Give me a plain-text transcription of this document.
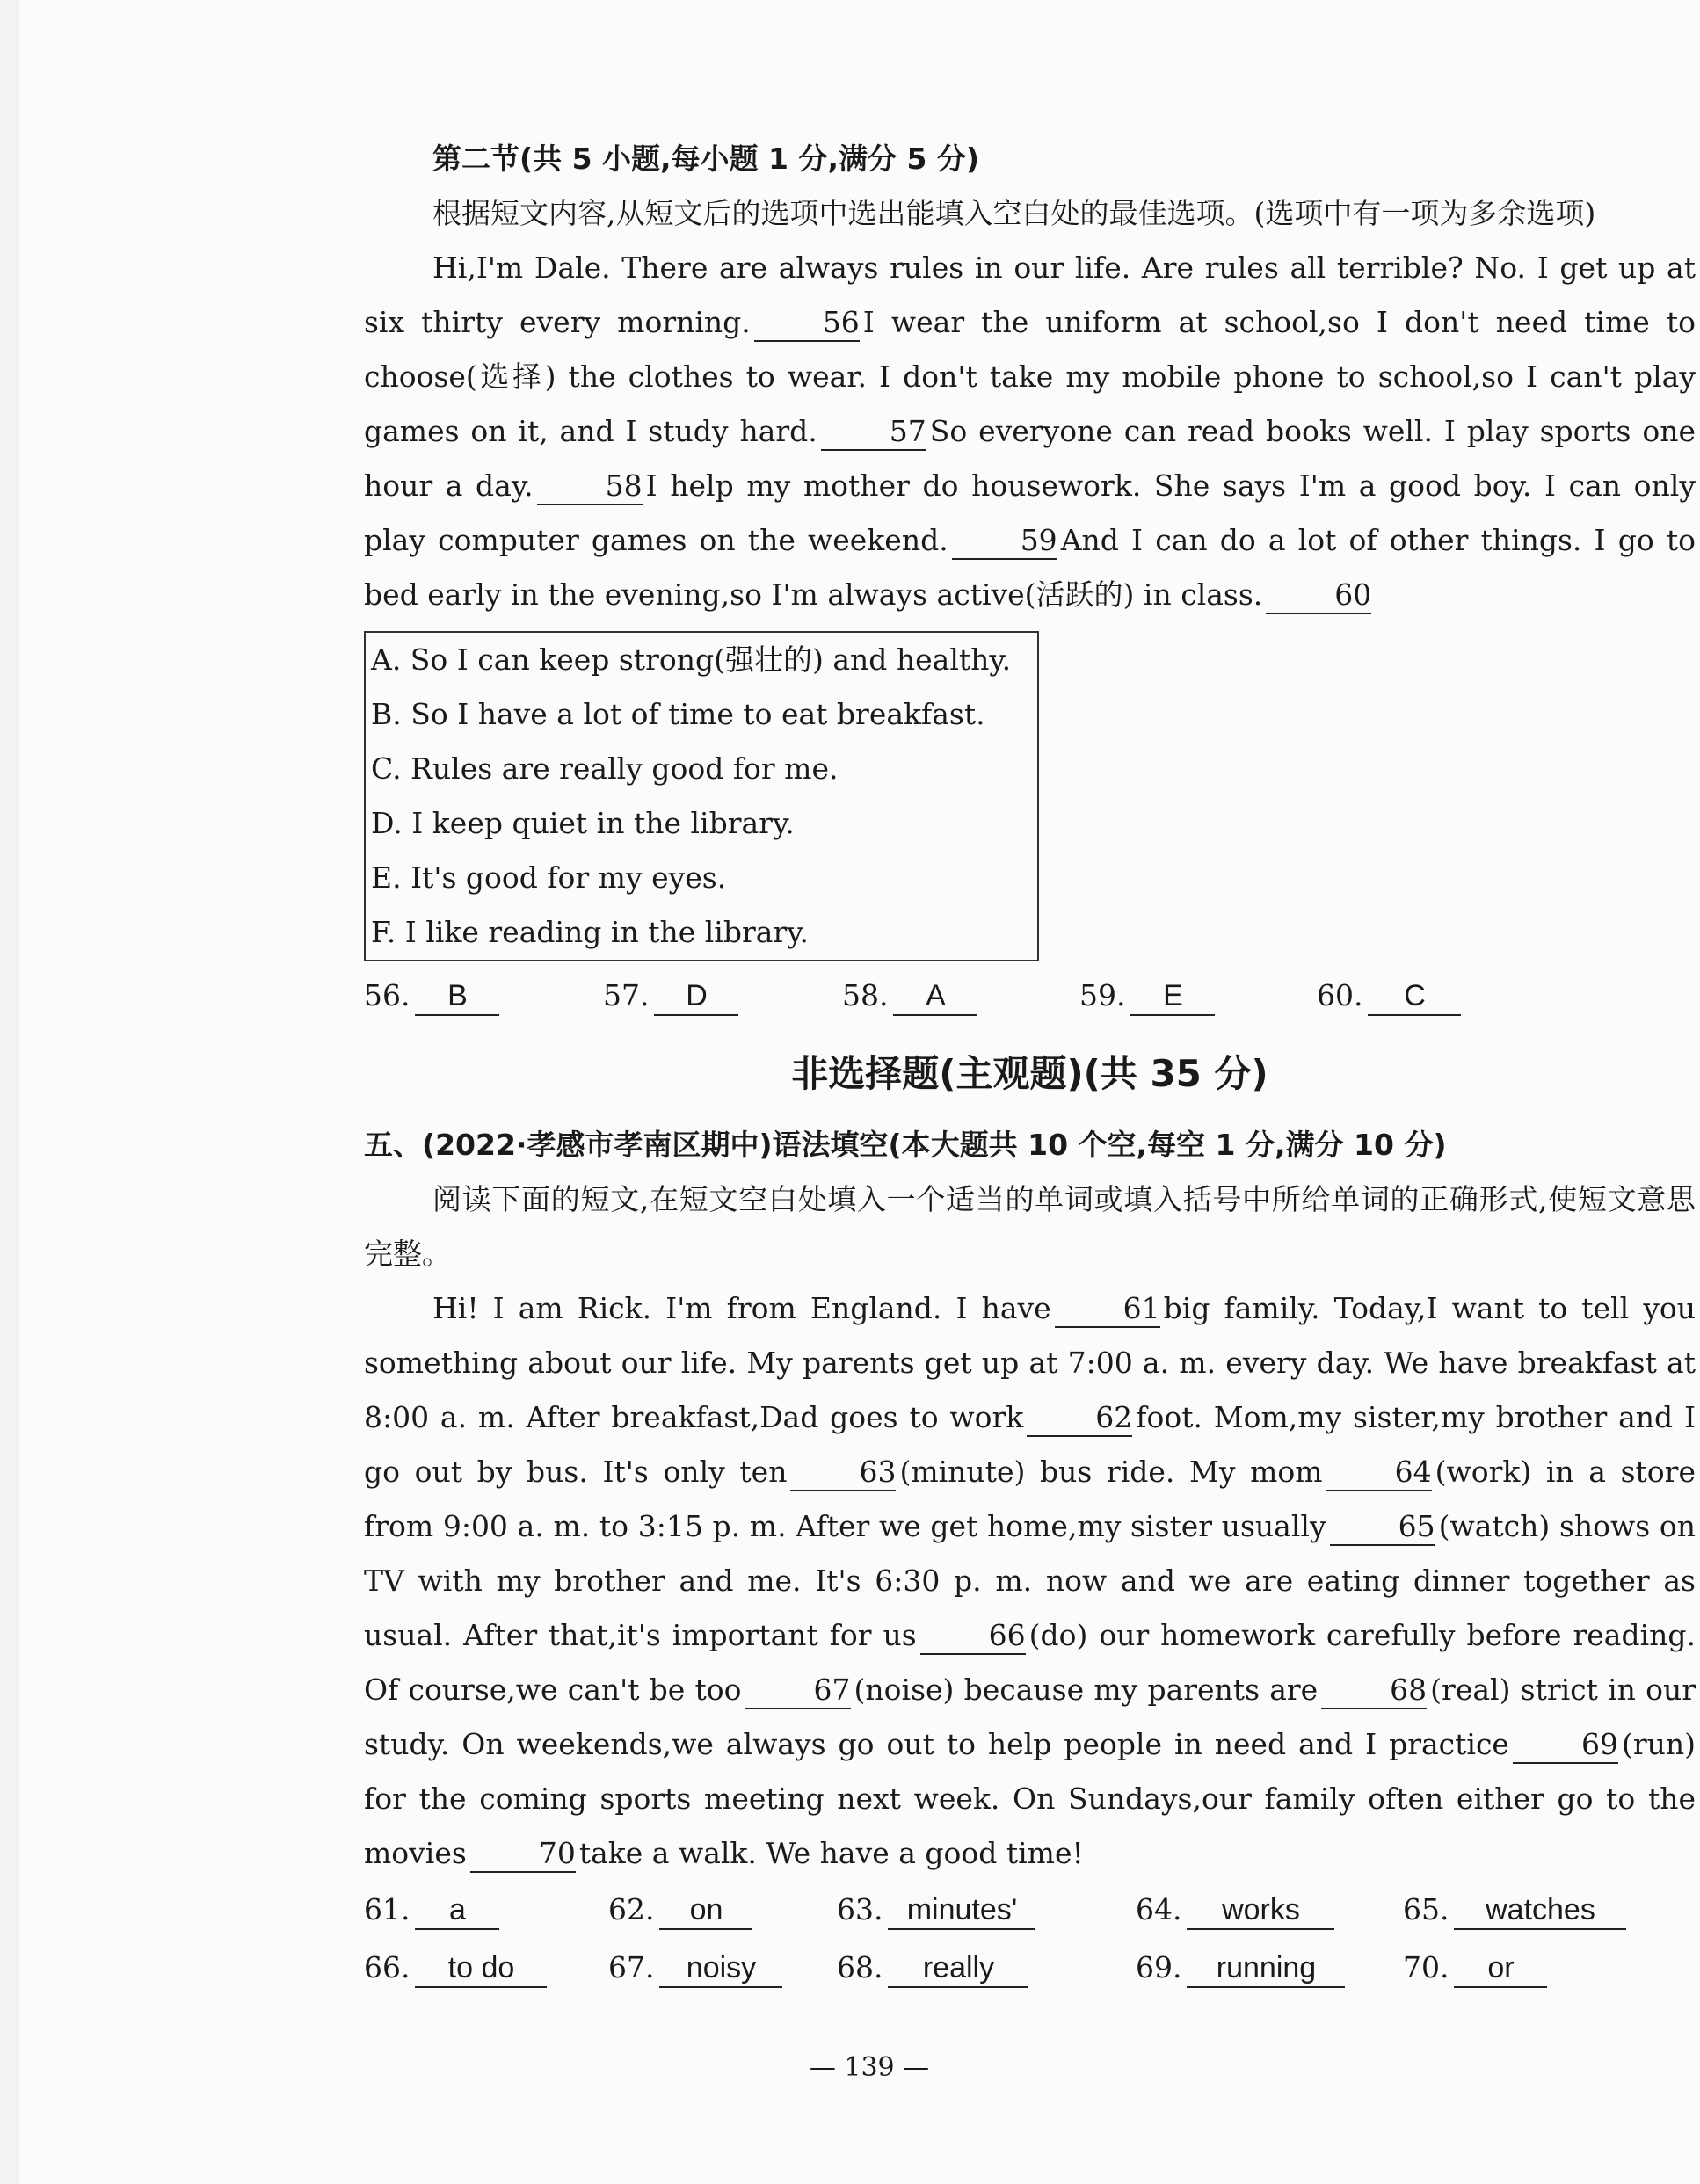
第二节(共 5 小题,每小题 1 分,满分 5 分)

根据短文内容,从短文后的选项中选出能填入空白处的最佳选项。(选项中有一项为多余选项)

Hi,I'm Dale. There are always rules in our life. Are rules all terrible? No. I get up at six thirty every morning. 56 I wear the uniform at school,so I don't need time to choose(选择) the clothes to wear. I don't take my mobile phone to school,so I can't play games on it, and I study hard. 57 So everyone can read books well. I play sports one hour a day. 58 I help my mother do housework. She says I'm a good boy. I can only play computer games on the weekend. 59 And I can do a lot of other things. I go to bed early in the evening,so I'm always active(活跃的) in class. 60

A. So I can keep strong(强壮的) and healthy.
B. So I have a lot of time to eat breakfast.
C. Rules are really good for me.
D. I keep quiet in the library.
E. It's good for my eyes.
F. I like reading in the library.
56.	B	57.	D	58.	A	59.	E	60.	C
非选择题(主观题)(共 35 分)

五、(2022·孝感市孝南区期中)语法填空(本大题共 10 个空,每空 1 分,满分 10 分)

阅读下面的短文,在短文空白处填入一个适当的单词或填入括号中所给单词的正确形式,使短文意思完整。

Hi! I am Rick. I'm from England. I have 61 big family. Today,I want to tell you something about our life. My parents get up at 7:00 a. m. every day. We have breakfast at 8:00 a. m. After breakfast,Dad goes to work 62 foot. Mom,my sister,my brother and I go out by bus. It's only ten 63 (minute) bus ride. My mom 64 (work) in a store from 9:00 a. m. to 3:15 p. m. After we get home,my sister usually 65 (watch) shows on TV with my brother and me. It's 6:30 p. m. now and we are eating dinner together as usual. After that,it's important for us 66 (do) our homework carefully before reading. Of course,we can't be too 67 (noise) because my parents are 68 (real) strict in our study. On weekends,we always go out to help people in need and I practice 69 (run) for the coming sports meeting next week. On Sundays,our family often either go to the movies 70 take a walk. We have a good time!

61.	a	62.	on	63. minutes'	64.	works	65.	watches
66.	to do	67.	noisy	68.	really	69.	running	70.	or
— 139 —
